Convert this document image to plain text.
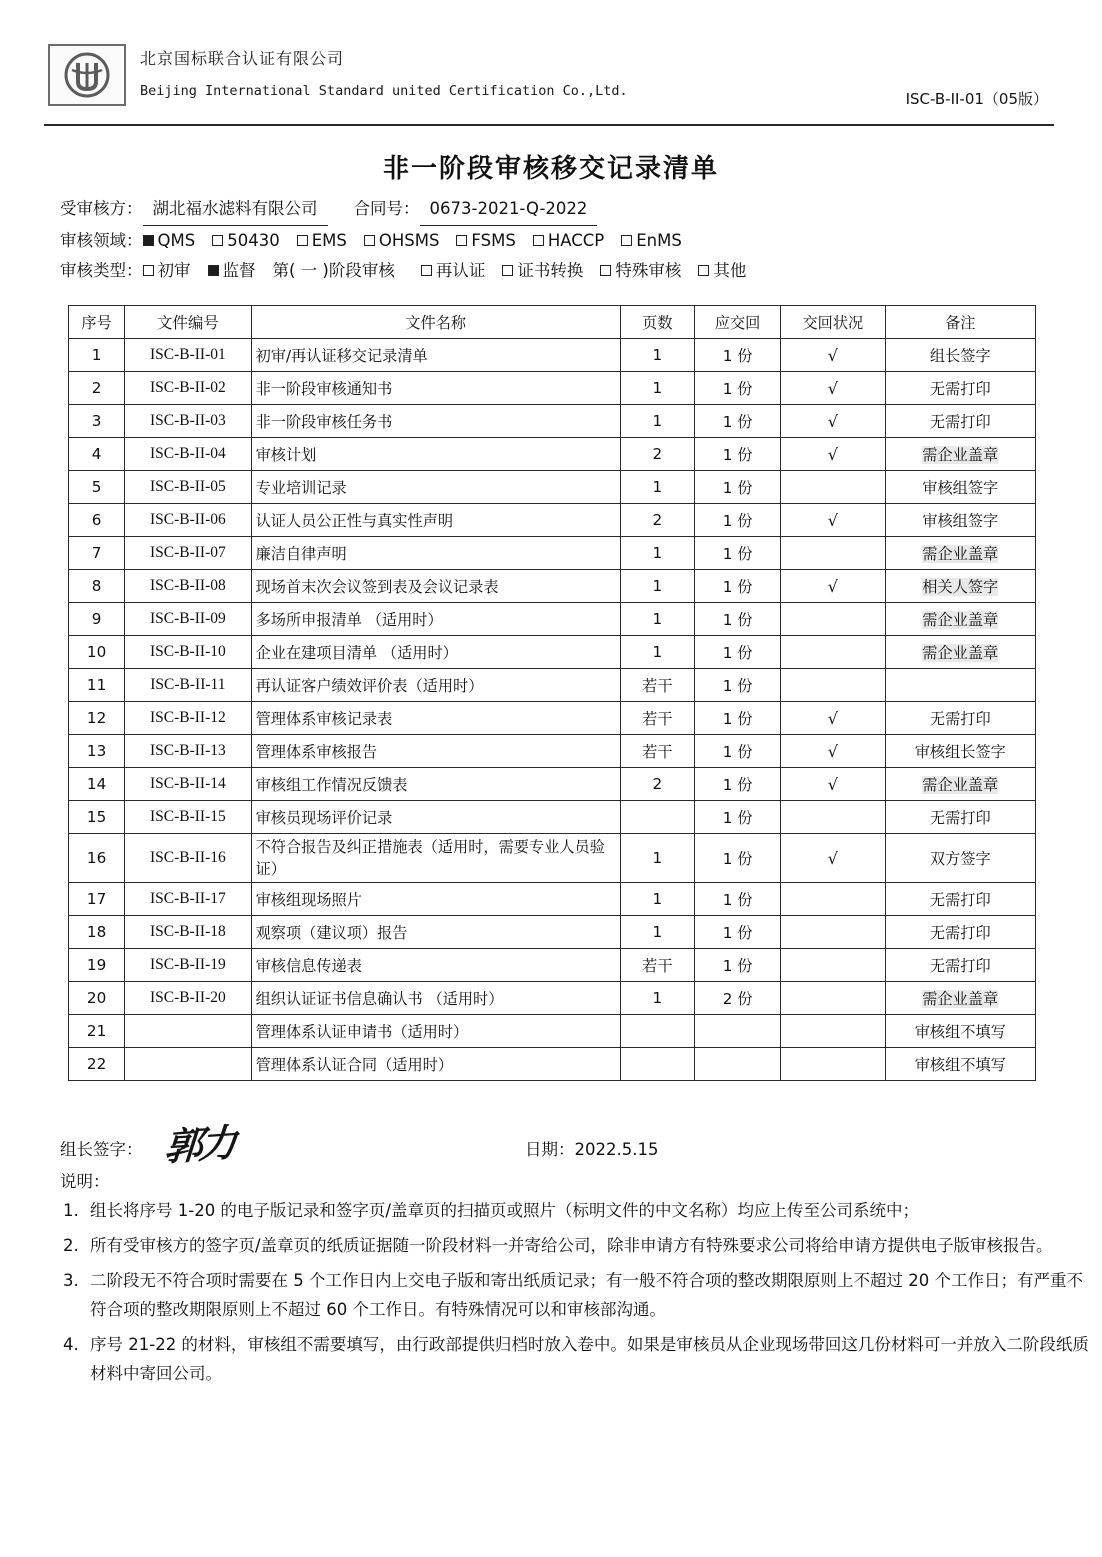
北京国标联合认证有限公司
Beijing International Standard united Certification Co.,Ltd.	ISC-B-II-01（05版）
非一阶段审核移交记录清单
受审核方： 湖北福水滤料有限公司 合同号： 0673-2021-Q-2022
审核领域： QMS 50430 EMS OHSMS FSMS HACCP EnMS
审核类型： 初审 监督 第( 一 )阶段审核 再认证 证书转换 特殊审核 其他
序号	文件编号	文件名称	页数	应交回	交回状况	备注
1	ISC-B-II-01	初审/再认证移交记录清单	1	1 份	√	组长签字
2	ISC-B-II-02	非一阶段审核通知书	1	1 份	√	无需打印
3	ISC-B-II-03	非一阶段审核任务书	1	1 份	√	无需打印
4	ISC-B-II-04	审核计划	2	1 份	√	需企业盖章
5	ISC-B-II-05	专业培训记录	1	1 份		审核组签字
6	ISC-B-II-06	认证人员公正性与真实性声明	2	1 份	√	审核组签字
7	ISC-B-II-07	廉洁自律声明	1	1 份		需企业盖章
8	ISC-B-II-08	现场首末次会议签到表及会议记录表	1	1 份	√	相关人签字
9	ISC-B-II-09	多场所申报清单 （适用时）	1	1 份		需企业盖章
10	ISC-B-II-10	企业在建项目清单 （适用时）	1	1 份		需企业盖章
11	ISC-B-II-11	再认证客户绩效评价表（适用时）	若干	1 份		
12	ISC-B-II-12	管理体系审核记录表	若干	1 份	√	无需打印
13	ISC-B-II-13	管理体系审核报告	若干	1 份	√	审核组长签字
14	ISC-B-II-14	审核组工作情况反馈表	2	1 份	√	需企业盖章
15	ISC-B-II-15	审核员现场评价记录		1 份		无需打印
16	ISC-B-II-16	不符合报告及纠正措施表（适用时，需要专业人员验证）	1	1 份	√	双方签字
17	ISC-B-II-17	审核组现场照片	1	1 份		无需打印
18	ISC-B-II-18	观察项（建议项）报告	1	1 份		无需打印
19	ISC-B-II-19	审核信息传递表	若干	1 份		无需打印
20	ISC-B-II-20	组织认证证书信息确认书 （适用时）	1	2 份		需企业盖章
21		管理体系认证申请书（适用时）				审核组不填写
22		管理体系认证合同（适用时）				审核组不填写
组长签字： 郭力	日期：2022.5.15
说明：
1. 组长将序号 1-20 的电子版记录和签字页/盖章页的扫描页或照片（标明文件的中文名称）均应上传至公司系统中；
2. 所有受审核方的签字页/盖章页的纸质证据随一阶段材料一并寄给公司，除非申请方有特殊要求公司将给申请方提供电子版审核报告。
3. 二阶段无不符合项时需要在 5 个工作日内上交电子版和寄出纸质记录；有一般不符合项的整改期限原则上不超过 20 个工作日；有严重不符合项的整改期限原则上不超过 60 个工作日。有特殊情况可以和审核部沟通。
4. 序号 21-22 的材料，审核组不需要填写，由行政部提供归档时放入卷中。如果是审核员从企业现场带回这几份材料可一并放入二阶段纸质材料中寄回公司。
